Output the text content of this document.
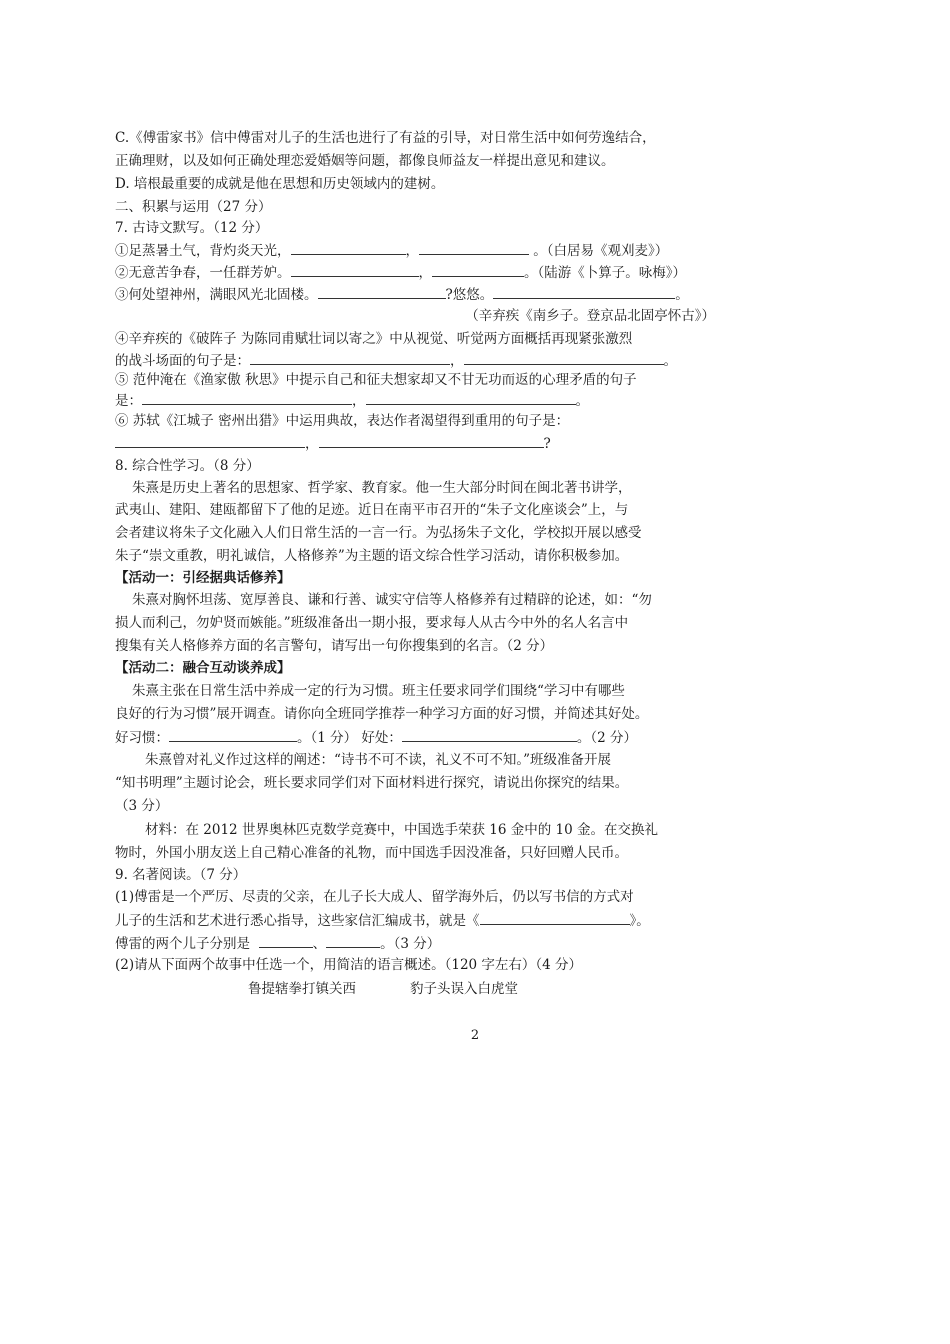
C.《傅雷家书》信中傅雷对儿子的生活也进行了有益的引导，对日常生活中如何劳逸结合，
正确理财，以及如何正确处理恋爱婚姻等问题，都像良师益友一样提出意见和建议。
D. 培根最重要的成就是他在思想和历史领域内的建树。
二、积累与运用（27 分）
7. 古诗文默写。（12 分）
①足蒸暑土气，背灼炎天光，	，	。（白居易《观刈麦》）
②无意苦争春，一任群芳妒。	，	。（陆游《卜算子。咏梅》）
③何处望神州，满眼风光北固楼。	?悠悠。	。
（辛弃疾《南乡子。登京品北固亭怀古》）
④辛弃疾的《破阵子 为陈同甫赋壮词以寄之》中从视觉、听觉两方面概括再现紧张激烈
的战斗场面的句子是：	，	。
⑤ 范仲淹在《渔家傲 秋思》中提示自己和征夫想家却又不甘无功而返的心理矛盾的句子
是：	，	。
⑥ 苏轼《江城子 密州出猎》中运用典故，表达作者渴望得到重用的句子是：
，	?
8. 综合性学习。（8 分）
朱熹是历史上著名的思想家、哲学家、教育家。他一生大部分时间在闽北著书讲学，
武夷山、建阳、建瓯都留下了他的足迹。近日在南平市召开的“朱子文化座谈会”上，与
会者建议将朱子文化融入人们日常生活的一言一行。为弘扬朱子文化，学校拟开展以感受
朱子“崇文重教，明礼诚信，人格修养”为主题的语文综合性学习活动，请你积极参加。
【活动一：引经据典话修养】
朱熹对胸怀坦荡、宽厚善良、谦和行善、诚实守信等人格修养有过精辟的论述，如：“勿
损人而利己，勿妒贤而嫉能。”班级准备出一期小报，要求每人从古今中外的名人名言中
搜集有关人格修养方面的名言警句，请写出一句你搜集到的名言。（2 分）
【活动二：融合互动谈养成】
朱熹主张在日常生活中养成一定的行为习惯。班主任要求同学们围绕“学习中有哪些
良好的行为习惯”展开调查。请你向全班同学推荐一种学习方面的好习惯，并简述其好处。
好习惯：	。（1 分） 好处：	。（2 分）
朱熹曾对礼义作过这样的阐述：“诗书不可不读，礼义不可不知。”班级准备开展
“知书明理”主题讨论会，班长要求同学们对下面材料进行探究，请说出你探究的结果。
（3 分）
材料：在 2012 世界奥林匹克数学竞赛中，中国选手荣获 16 金中的 10 金。在交换礼
物时，外国小朋友送上自己精心准备的礼物，而中国选手因没准备，只好回赠人民币。
9. 名著阅读。（7 分）
(1)傅雷是一个严厉、尽责的父亲，在儿子长大成人、留学海外后，仍以写书信的方式对
儿子的生活和艺术进行悉心指导，这些家信汇编成书，就是《	》。
傅雷的两个儿子分别是	、	。（3 分）
(2)请从下面两个故事中任选一个，用简洁的语言概述。（120 字左右）（4 分）
鲁提辖拳打镇关西	豹子头误入白虎堂
2
